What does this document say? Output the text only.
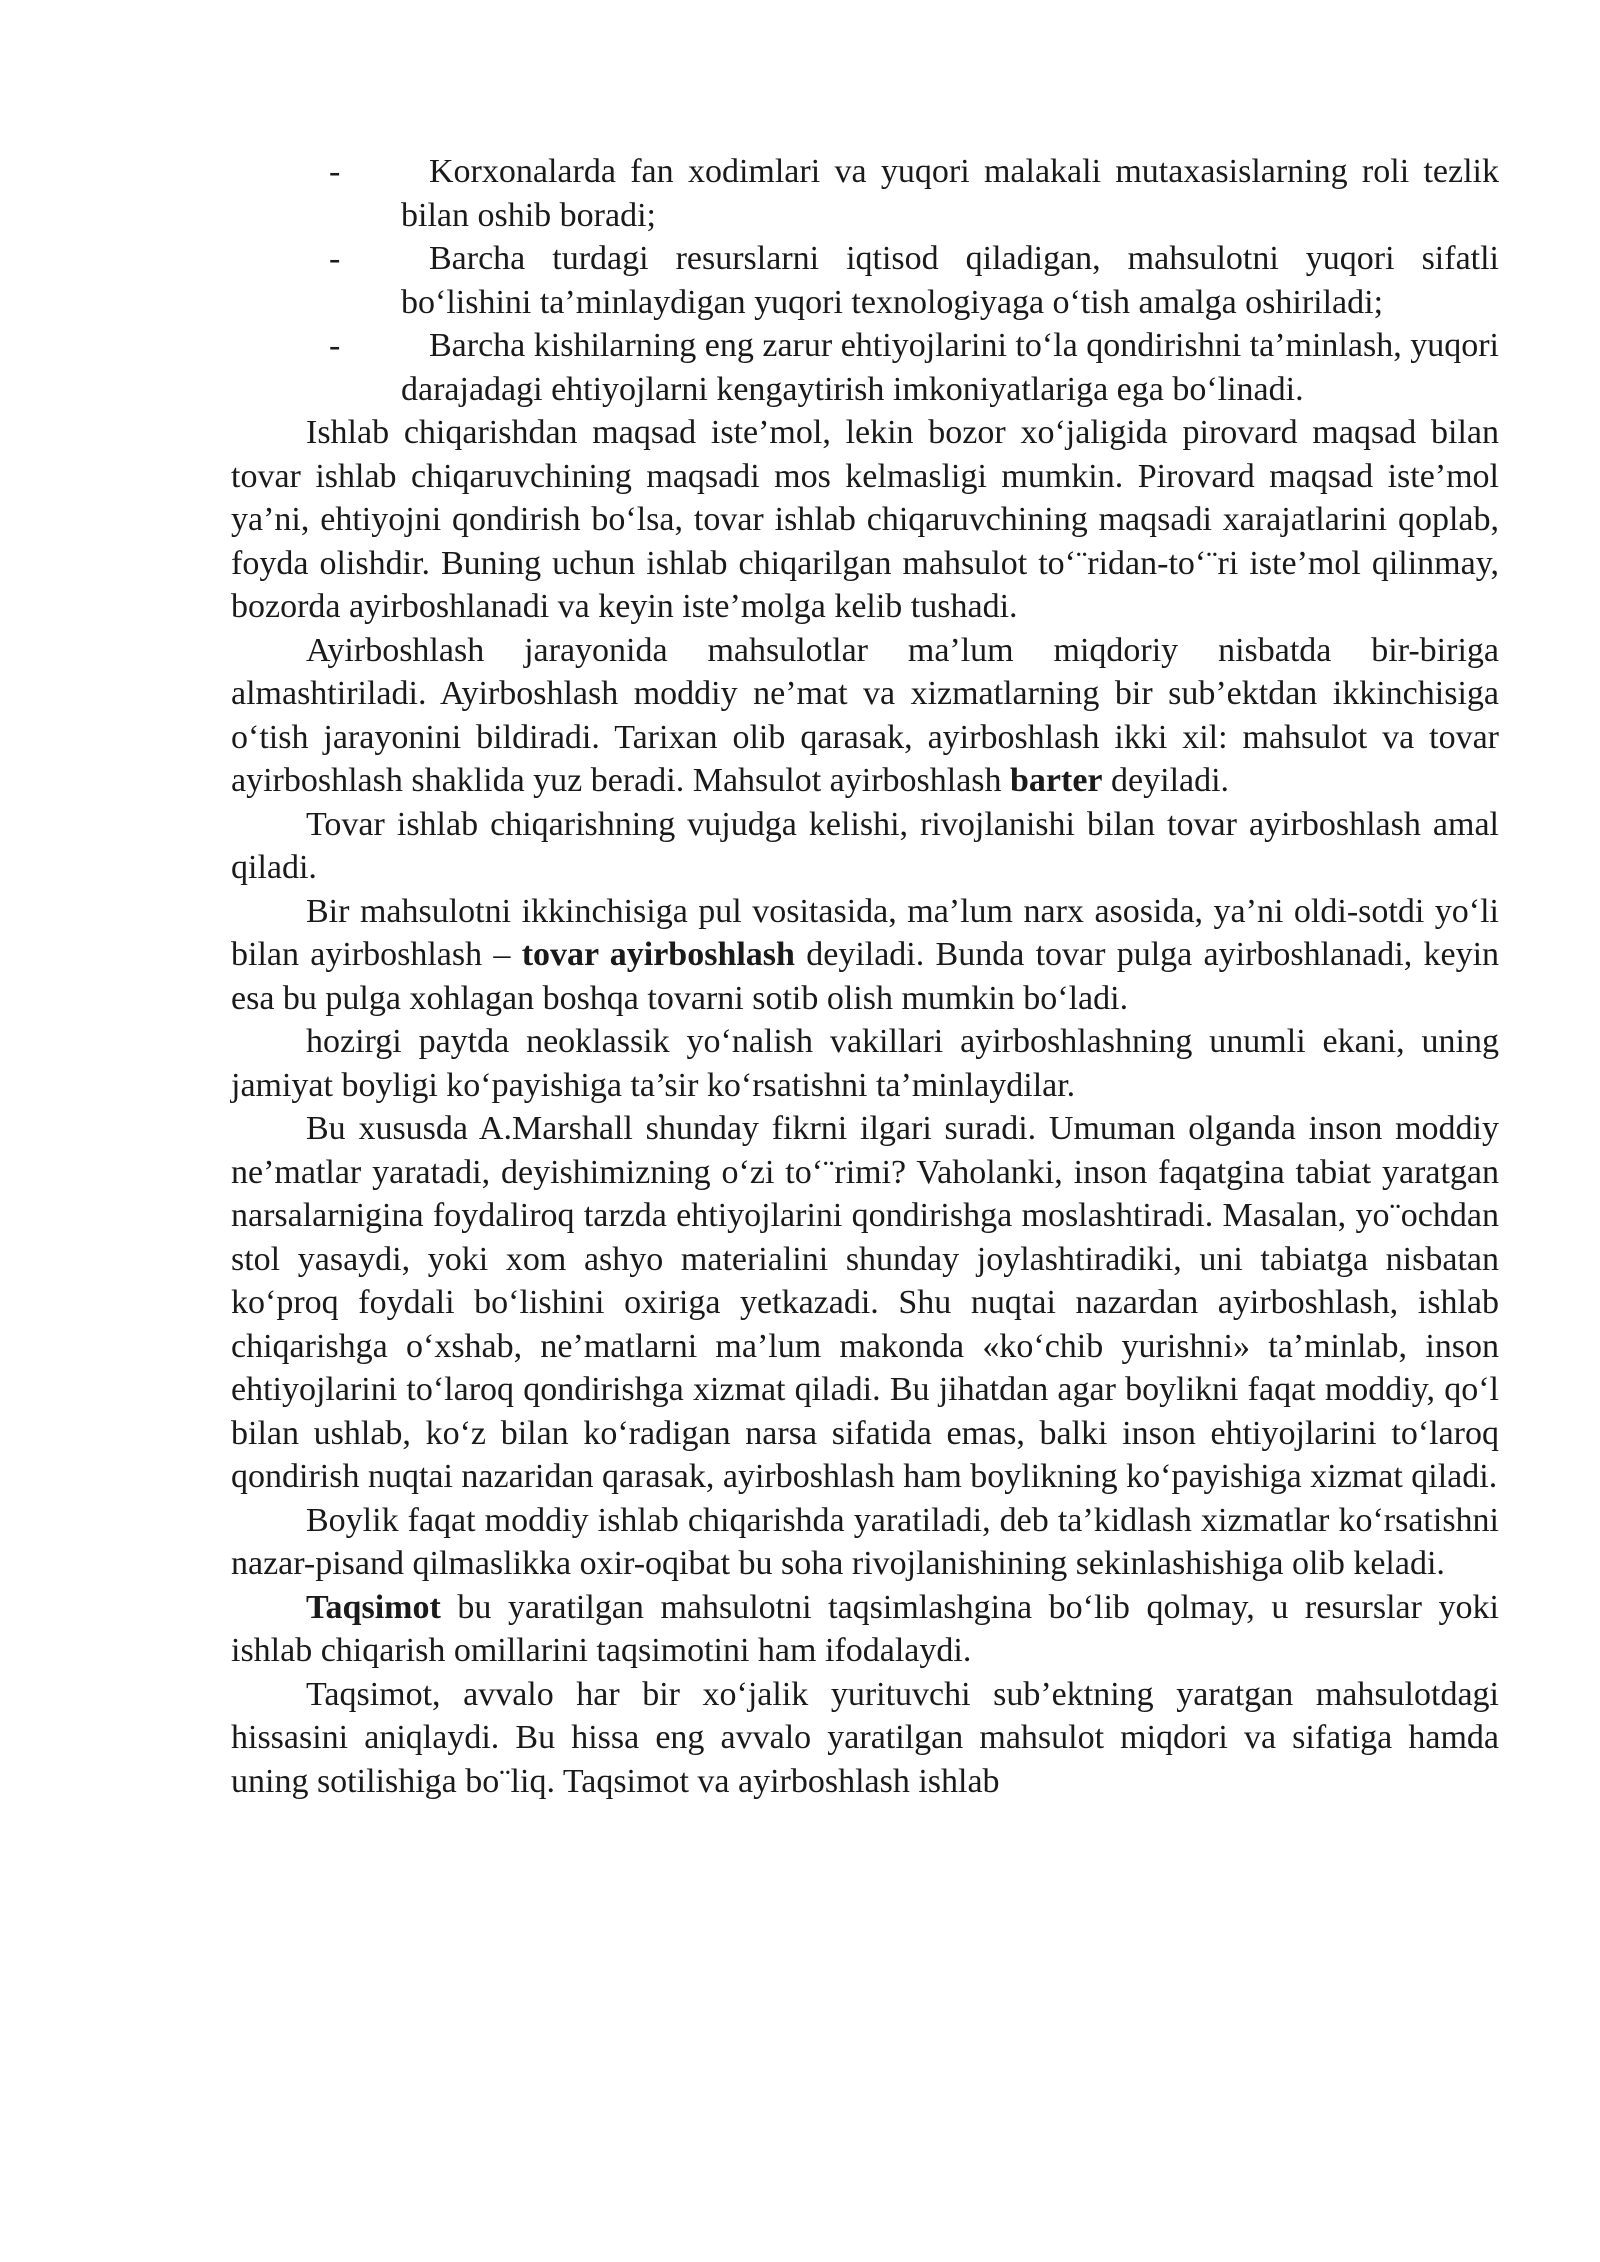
-	Korxonalarda fan xodimlari va yuqori malakali mutaxasislarning roli tezlik bilan oshib boradi;
-	Barcha turdagi resurslarni iqtisod qiladigan, mahsulotni yuqori sifatli bo‘lishini ta’minlaydigan yuqori texnologiyaga o‘tish amalga oshiriladi;
-	Barcha kishilarning eng zarur ehtiyojlarini to‘la qondirishni ta’minlash, yuqori darajadagi ehtiyojlarni kengaytirish imkoniyatlariga ega bo‘linadi.

Ishlab chiqarishdan maqsad iste’mol, lekin bozor xo‘jaligida pirovard maqsad bilan tovar ishlab chiqaruvchining maqsadi mos kelmasligi mumkin. Pirovard maqsad iste’mol ya’ni, ehtiyojni qondirish bo‘lsa, tovar ishlab chiqaruvchining maqsadi xarajatlarini qoplab, foyda olishdir. Buning uchun ishlab chiqarilgan mahsulot to‘¨ridan-to‘¨ri iste’mol qilinmay, bozorda ayirboshlanadi va keyin iste’molga kelib tushadi.

Ayirboshlash jarayonida mahsulotlar ma’lum miqdoriy nisbatda bir-biriga almashtiriladi. Ayirboshlash moddiy ne’mat va xizmatlarning bir sub’ektdan ikkinchisiga o‘tish jarayonini bildiradi. Tarixan olib qarasak, ayirboshlash ikki xil: mahsulot va tovar ayirboshlash shaklida yuz beradi. Mahsulot ayirboshlash barter deyiladi.

Tovar ishlab chiqarishning vujudga kelishi, rivojlanishi bilan tovar ayirboshlash amal qiladi.

Bir mahsulotni ikkinchisiga pul vositasida, ma’lum narx asosida, ya’ni oldi-sotdi yo‘li bilan ayirboshlash – tovar ayirboshlash deyiladi. Bunda tovar pulga ayirboshlanadi, keyin esa bu pulga xohlagan boshqa tovarni sotib olish mumkin bo‘ladi.

hozirgi paytda neoklassik yo‘nalish vakillari ayirboshlashning unumli ekani, uning jamiyat boyligi ko‘payishiga ta’sir ko‘rsatishni ta’minlaydilar.

Bu xususda A.Marshall shunday fikrni ilgari suradi. Umuman olganda inson moddiy ne’matlar yaratadi, deyishimizning o‘zi to‘¨rimi? Vaholanki, inson faqatgina tabiat yaratgan narsalarnigina foydaliroq tarzda ehtiyojlarini qondirishga moslashtiradi. Masalan, yo¨ochdan stol yasaydi, yoki xom ashyo materialini shunday joylashtiradiki, uni tabiatga nisbatan ko‘proq foydali bo‘lishini oxiriga yetkazadi. Shu nuqtai nazardan ayirboshlash, ishlab chiqarishga o‘xshab, ne’matlarni ma’lum makonda «ko‘chib yurishni» ta’minlab, inson ehtiyojlarini to‘laroq qondirishga xizmat qiladi. Bu jihatdan agar boylikni faqat moddiy, qo‘l bilan ushlab, ko‘z bilan ko‘radigan narsa sifatida emas, balki inson ehtiyojlarini to‘laroq qondirish nuqtai nazaridan qarasak, ayirboshlash ham boylikning ko‘payishiga xizmat qiladi.

Boylik faqat moddiy ishlab chiqarishda yaratiladi, deb ta’kidlash xizmatlar ko‘rsatishni nazar-pisand qilmaslikka oxir-oqibat bu soha rivojlanishining sekinlashishiga olib keladi.

Taqsimot bu yaratilgan mahsulotni taqsimlashgina bo‘lib qolmay, u resurslar yoki ishlab chiqarish omillarini taqsimotini ham ifodalaydi.

Taqsimot, avvalo har bir xo‘jalik yurituvchi sub’ektning yaratgan mahsulotdagi hissasini aniqlaydi. Bu hissa eng avvalo yaratilgan mahsulot miqdori va sifatiga hamda uning sotilishiga bo¨liq. Taqsimot va ayirboshlash ishlab
